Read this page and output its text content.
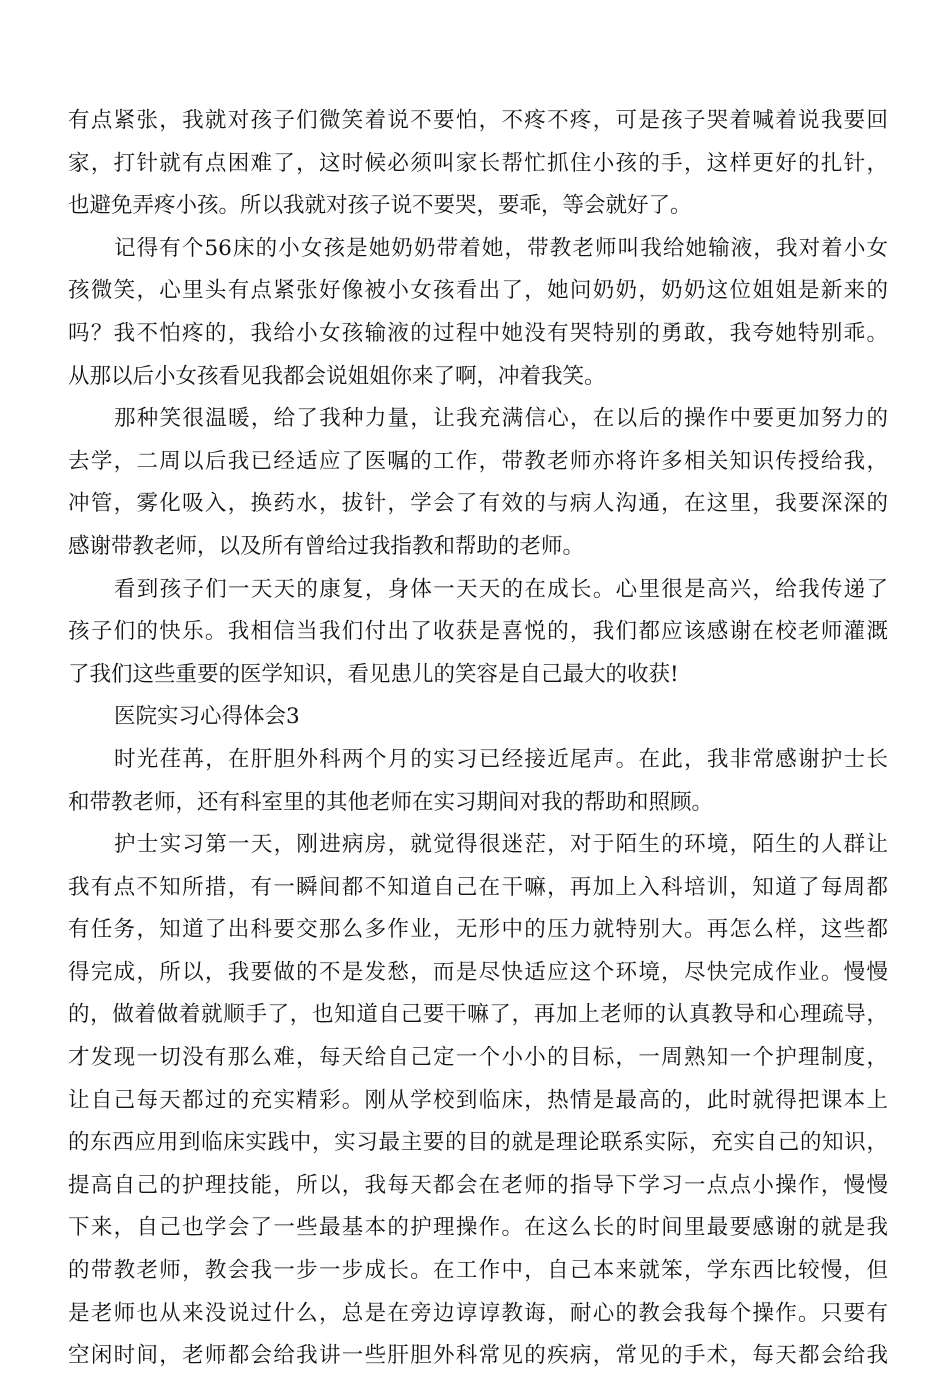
有点紧张，我就对孩子们微笑着说不要怕，不疼不疼，可是孩子哭着喊着说我要回
家，打针就有点困难了，这时候必须叫家长帮忙抓住小孩的手，这样更好的扎针，
也避免弄疼小孩。所以我就对孩子说不要哭，要乖，等会就好了。
记得有个56床的小女孩是她奶奶带着她，带教老师叫我给她输液，我对着小女
孩微笑，心里头有点紧张好像被小女孩看出了，她问奶奶，奶奶这位姐姐是新来的
吗？我不怕疼的，我给小女孩输液的过程中她没有哭特别的勇敢，我夸她特别乖。
从那以后小女孩看见我都会说姐姐你来了啊，冲着我笑。
那种笑很温暖，给了我种力量，让我充满信心，在以后的操作中要更加努力的
去学，二周以后我已经适应了医嘱的工作，带教老师亦将许多相关知识传授给我，
冲管，雾化吸入，换药水，拔针，学会了有效的与病人沟通，在这里，我要深深的
感谢带教老师，以及所有曾给过我指教和帮助的老师。
看到孩子们一天天的康复，身体一天天的在成长。心里很是高兴，给我传递了
孩子们的快乐。我相信当我们付出了收获是喜悦的，我们都应该感谢在校老师灌溉
了我们这些重要的医学知识，看见患儿的笑容是自己最大的收获!
医院实习心得体会3
时光荏苒，在肝胆外科两个月的实习已经接近尾声。在此，我非常感谢护士长
和带教老师，还有科室里的其他老师在实习期间对我的帮助和照顾。
护士实习第一天，刚进病房，就觉得很迷茫，对于陌生的环境，陌生的人群让
我有点不知所措，有一瞬间都不知道自己在干嘛，再加上入科培训，知道了每周都
有任务，知道了出科要交那么多作业，无形中的压力就特别大。再怎么样，这些都
得完成，所以，我要做的不是发愁，而是尽快适应这个环境，尽快完成作业。慢慢
的，做着做着就顺手了，也知道自己要干嘛了，再加上老师的认真教导和心理疏导，
才发现一切没有那么难，每天给自己定一个小小的目标，一周熟知一个护理制度，
让自己每天都过的充实精彩。刚从学校到临床，热情是最高的，此时就得把课本上
的东西应用到临床实践中，实习最主要的目的就是理论联系实际，充实自己的知识，
提高自己的护理技能，所以，我每天都会在老师的指导下学习一点点小操作，慢慢
下来，自己也学会了一些最基本的护理操作。在这么长的时间里最要感谢的就是我
的带教老师，教会我一步一步成长。在工作中，自己本来就笨，学东西比较慢，但
是老师也从来没说过什么，总是在旁边谆谆教诲，耐心的教会我每个操作。只要有
空闲时间，老师都会给我讲一些肝胆外科常见的疾病，常见的手术，每天都会给我
